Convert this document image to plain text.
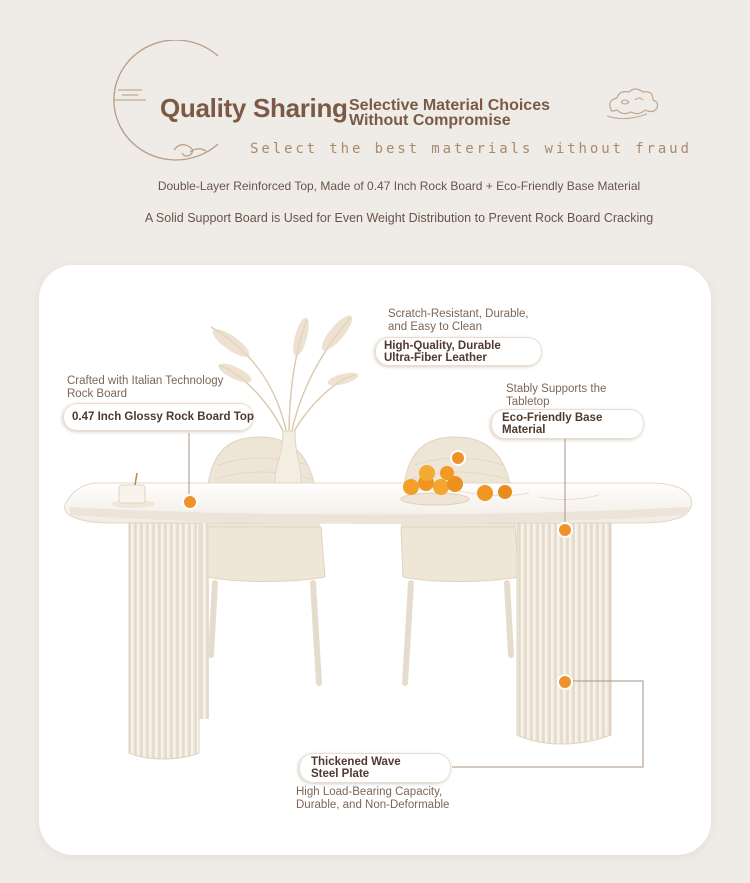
Quality Sharing Selective Material Choices
Without Compromise
Select the best materials without fraud
Double-Layer Reinforced Top, Made of 0.47 Inch Rock Board + Eco-Friendly Base Material
A Solid Support Board is Used for Even Weight Distribution to Prevent Rock Board Cracking
Crafted with Italian Technology
Rock Board
0.47 Inch Glossy Rock Board Top
Scratch-Resistant, Durable,
and Easy to Clean
High-Quality, Durable
Ultra-Fiber Leather
Stably Supports the
Tabletop
Eco-Friendly Base
Material
Thickened Wave
Steel Plate
High Load-Bearing Capacity,
Durable, and Non-Deformable
